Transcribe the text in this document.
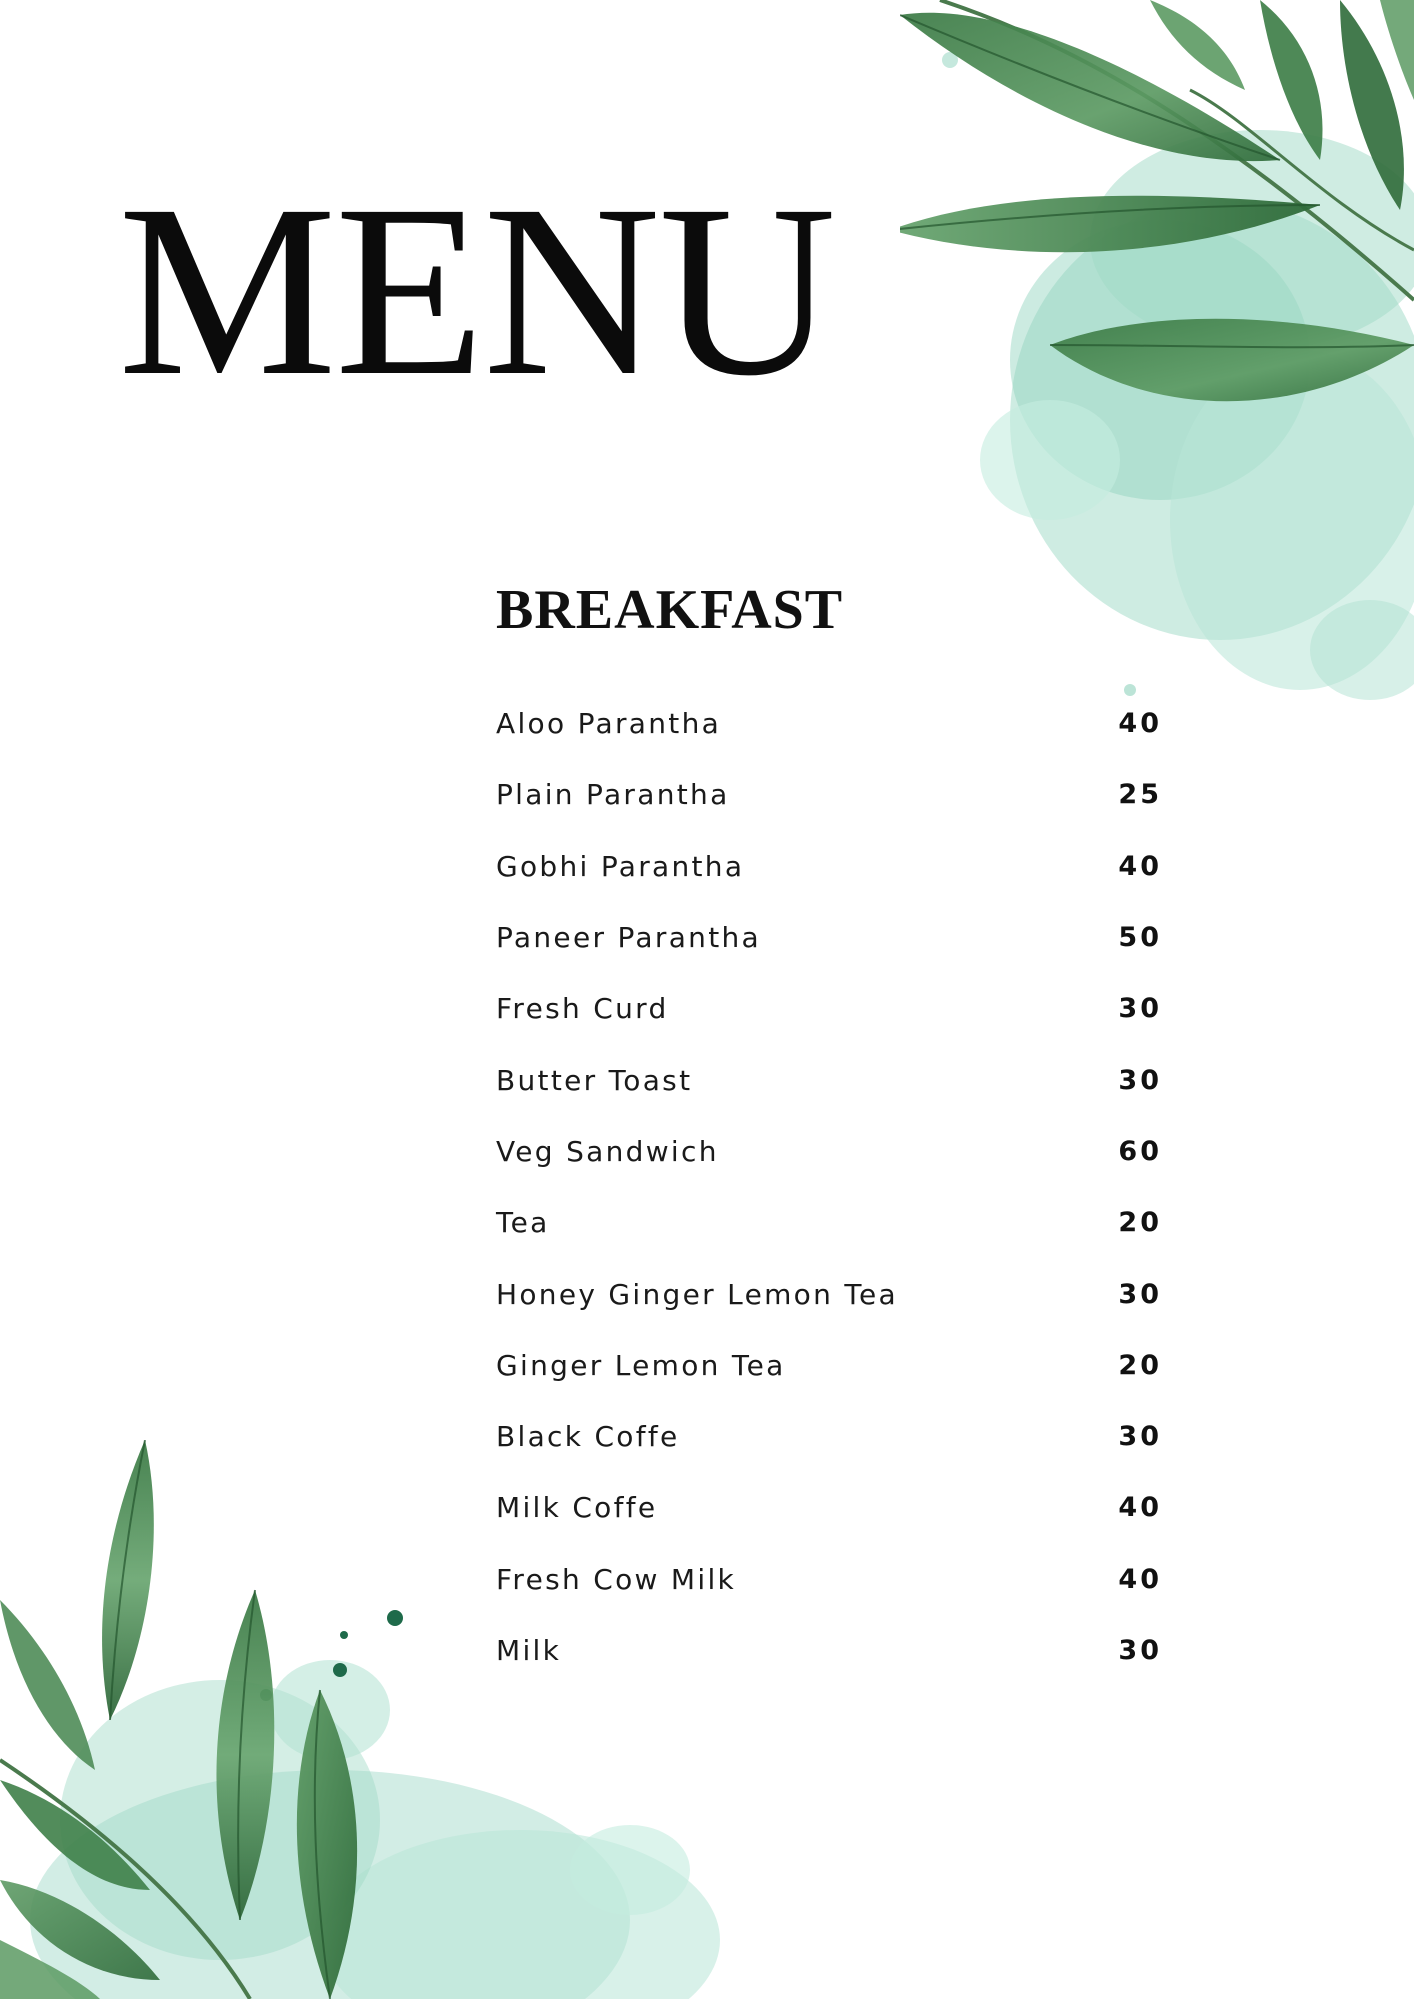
MENU
BREAKFAST
Aloo Parantha	40
Plain Parantha	25
Gobhi Parantha	40
Paneer Parantha	50
Fresh Curd	30
Butter Toast	30
Veg Sandwich	60
Tea	20
Honey Ginger Lemon Tea	30
Ginger Lemon Tea	20
Black Coffe	30
Milk Coffe	40
Fresh Cow Milk	40
Milk	30
